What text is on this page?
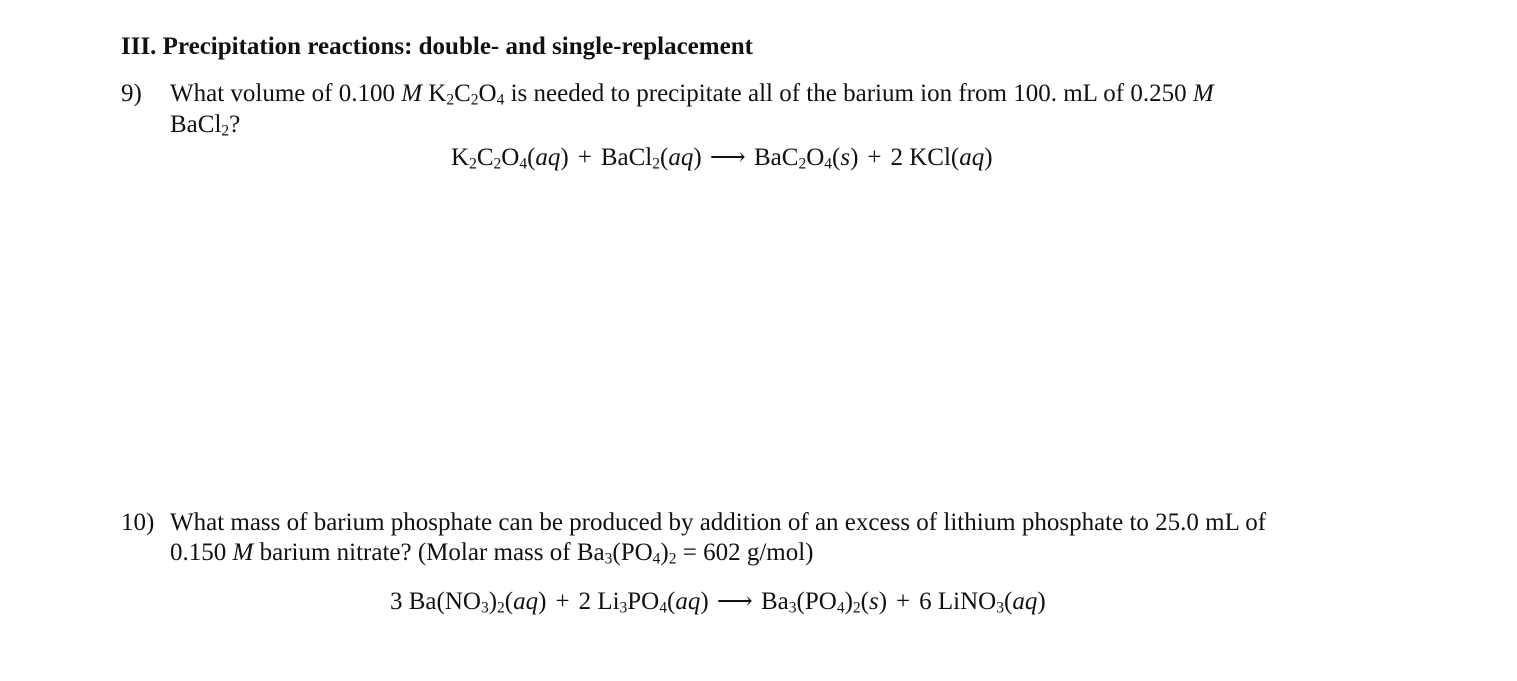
III. Precipitation reactions: double- and single-replacement
9) What volume of 0.100 M $K_2C_2O_4$ is needed to precipitate all of the barium ion from 100. mL of 0.250 M
BaCl$_2$?
$K_2C_2O_4(aq)$ + BaCl$_2$(aq) ⟶ $BaC_2O_4(s) + 2$ KCl(aq)
10) What mass of barium phosphate can be produced by addition of an excess of lithium phosphate to 25.0 mL of
0.150 M barium nitrate? (Molar mass of $Ba_3(PO_4)_2 = 602$ g/mol)
3 $Ba(NO_3)_2(aq) + 2$ $Li_3PO_4(aq)$ ⟶ $Ba_3(PO_4)_2(s) + 6$ LiNO$_3$(aq)
